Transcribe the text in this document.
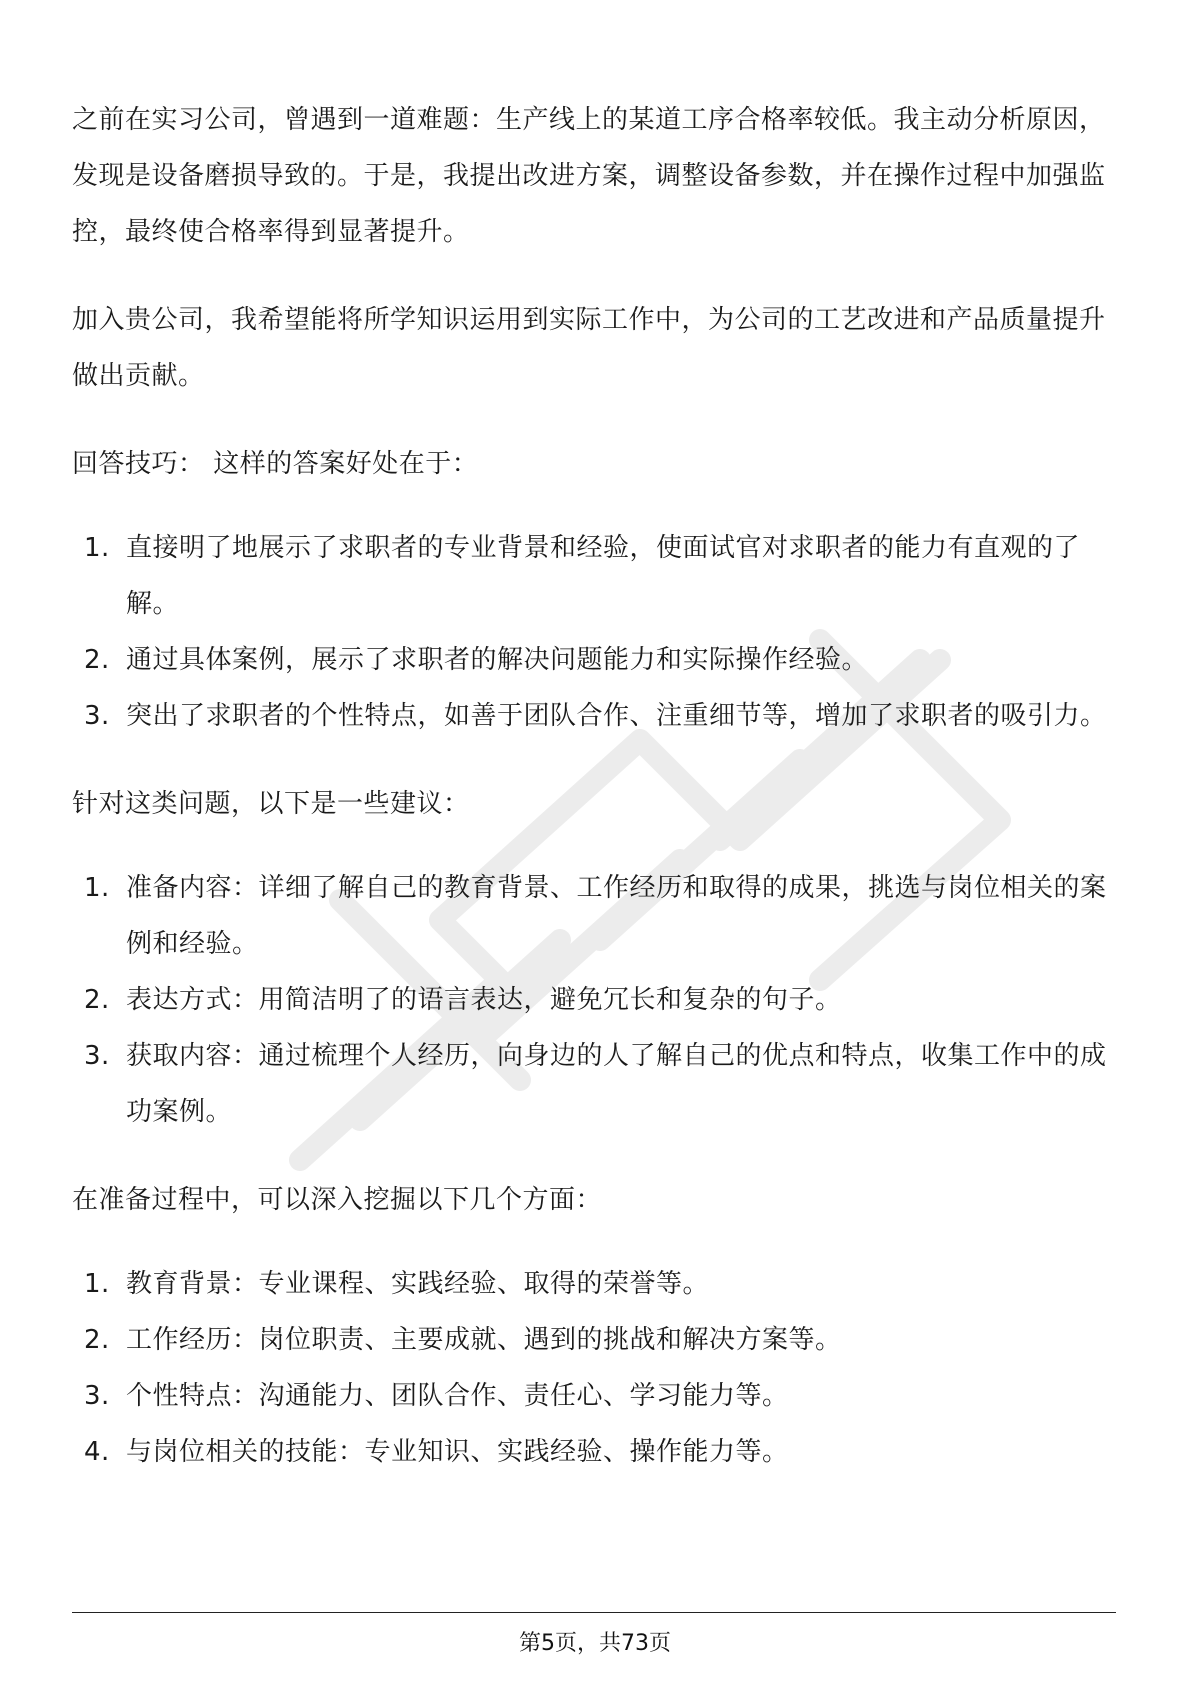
之前在实习公司，曾遇到一道难题：生产线上的某道工序合格率较低。我主动分析原因，发现是设备磨损导致的。于是，我提出改进方案，调整设备参数，并在操作过程中加强监控，最终使合格率得到显著提升。

加入贵公司，我希望能将所学知识运用到实际工作中，为公司的工艺改进和产品质量提升做出贡献。

回答技巧： 这样的答案好处在于：

1. 直接明了地展示了求职者的专业背景和经验，使面试官对求职者的能力有直观的了解。
2. 通过具体案例，展示了求职者的解决问题能力和实际操作经验。
3. 突出了求职者的个性特点，如善于团队合作、注重细节等，增加了求职者的吸引力。

针对这类问题，以下是一些建议：

1. 准备内容：详细了解自己的教育背景、工作经历和取得的成果，挑选与岗位相关的案例和经验。
2. 表达方式：用简洁明了的语言表达，避免冗长和复杂的句子。
3. 获取内容：通过梳理个人经历，向身边的人了解自己的优点和特点，收集工作中的成功案例。

在准备过程中，可以深入挖掘以下几个方面：

1. 教育背景：专业课程、实践经验、取得的荣誉等。
2. 工作经历：岗位职责、主要成就、遇到的挑战和解决方案等。
3. 个性特点：沟通能力、团队合作、责任心、学习能力等。
4. 与岗位相关的技能：专业知识、实践经验、操作能力等。
第5页，共73页
